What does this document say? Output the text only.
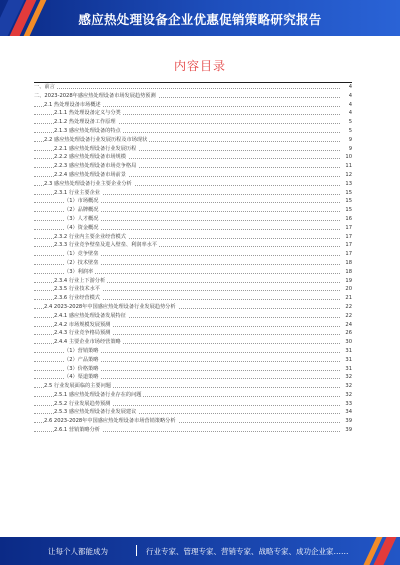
感应热处理设备企业优惠促销策略研究报告
内容目录
一、前言	4
二、2023-2028年感应热处理设备市场发展趋势预测	4
2.1 热处理设备市场概述	4
2.1.1 热处理设备定义与分类	4
2.1.2 热处理设备工作原理	5
2.1.3 感应热处理设备的特点	5
2.2 感应热处理设备行业发展历程及市场现状	9
2.2.1 感应热处理设备行业发展历程	9
2.2.2 感应热处理设备市场规模	10
2.2.3 感应热处理设备市场竞争格局	11
2.2.4 感应热处理设备市场前景	12
2.3 感应热处理设备行业主要企业分析	13
2.3.1 行业主要企业	15
（1）市场概况	15
（2）品牌概况	15
（3）人才概况	16
（4）资金概况	17
2.3.2 行业内主要企业经营模式	17
2.3.3 行业竞争壁垒及进入壁垒、利润率水平	17
（1）竞争壁垒	17
（2）技术壁垒	18
（3）利润率	18
2.3.4 行业上下游分析	19
2.3.5 行业技术水平	20
2.3.6 行业经营模式	21
2.4 2023-2028年中国感应热处理设备行业发展趋势分析	22
2.4.1 感应热处理设备发展特征	22
2.4.2 市场规模发展预测	24
2.4.3 行业竞争格局预测	26
2.4.4 主要企业市场经营策略	30
（1）营销策略	31
（2）产品策略	31
（3）价格策略	31
（4）渠道策略	32
2.5 行业发展面临的主要问题	32
2.5.1 感应热处理设备行业存在的问题	32
2.5.2 行业发展趋势预测	33
2.5.3 感应热处理设备行业发展建议	34
2.6 2023-2028年中国感应热处理设备市场营销策略分析	39
2.6.1 营销策略分析	39
让每个人都能成为	行业专家、管理专家、营销专家、战略专家、成功企业家……
